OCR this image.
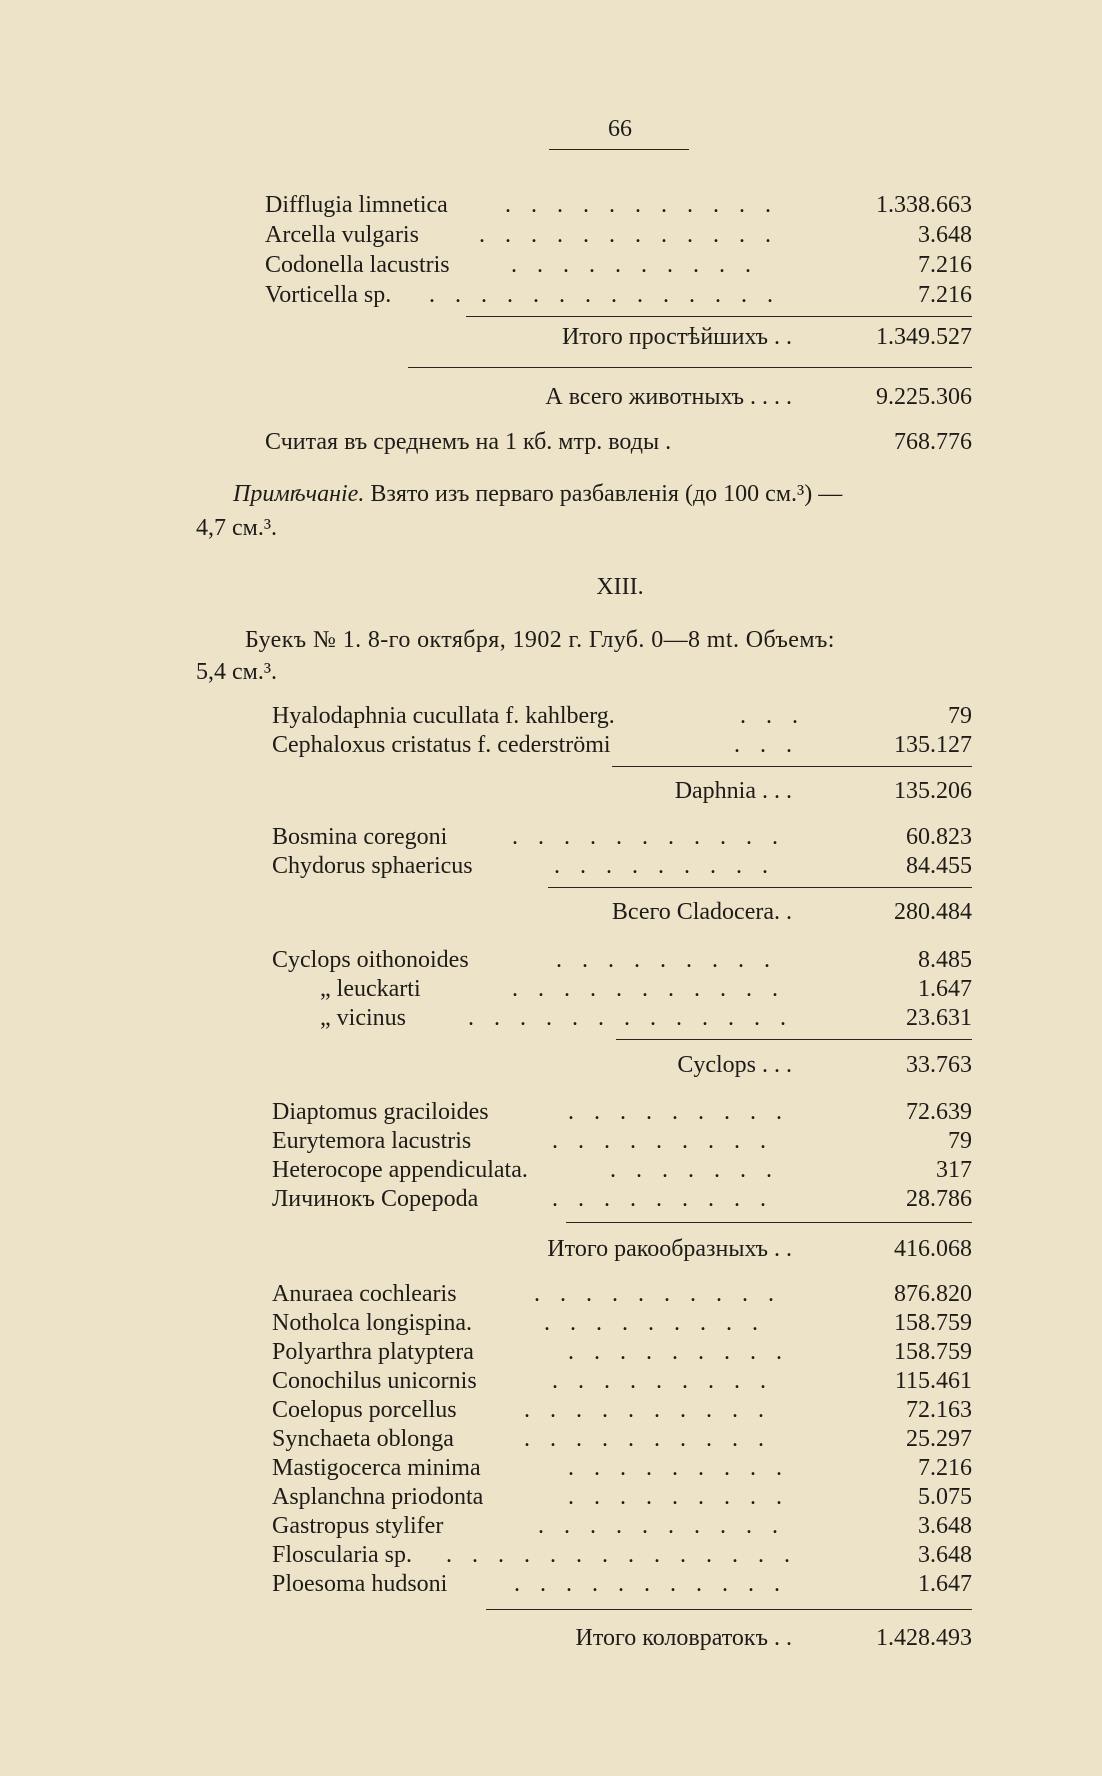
66
Difflugia limnetica . . . . . . . . . . .	1.338.663
Arcella vulgaris	. . . . . . . . . . . .	3.648
Codonella lacustris	. . . . . . . . . .	7.216
Vorticella sp. . . . . . . . . . . . . . .	7.216
Итого простѣйшихъ . .	1.349.527
А всего животныхъ . . . .	9.225.306
Считая въ среднемъ на 1 кб. мтр. воды .	768.776
Примѣчаніе. Взято изъ перваго разбавленія (до 100 см.³) —
4,7 см.³.
XIII.
Буекъ № 1. 8-го октября, 1902 г. Глуб. 0—8 mt. Объемъ:
5,4 см.³.
Hyalodaphnia cucullata f. kahlberg.	. . .	79
Cephaloxus cristatus f. cederströmi	. . .	135.127
Daphnia . . .	135.206
Bosmina coregoni	. . . . . . . . . . .	60.823
Chydorus sphaericus	. . . . . . . . .	84.455
Всего Cladocera. .	280.484
Cyclops oithonoides	. . . . . . . . .	8.485
„ leuckarti	. . . . . . . . . . .	1.647
„ vicinus	. . . . . . . . . . . . .	23.631
Cyclops . . .	33.763
Diaptomus graciloides	. . . . . . . . .	72.639
Eurytemora lacustris	. . . . . . . . .	79
Heterocope appendiculata.	. . . . . . .	317
Личинокъ Copepoda	. . . . . . . . .	28.786
Итого ракообразныхъ . .	416.068
Anuraea cochlearis	. . . . . . . . . .	876.820
Notholca longispina.	. . . . . . . . .	158.759
Polyarthra platyptera	. . . . . . . . .	158.759
Conochilus unicornis	. . . . . . . . .	115.461
Coelopus porcellus	. . . . . . . . . .	72.163
Synchaeta oblonga	. . . . . . . . . .	25.297
Mastigocerca minima	. . . . . . . . .	7.216
Asplanchna priodonta	. . . . . . . . .	5.075
Gastropus stylifer	. . . . . . . . . .	3.648
Floscularia sp. . . . . . . . . . . . . . .	3.648
Ploesoma hudsoni	. . . . . . . . . . .	1.647
Итого коловратокъ . .	1.428.493
